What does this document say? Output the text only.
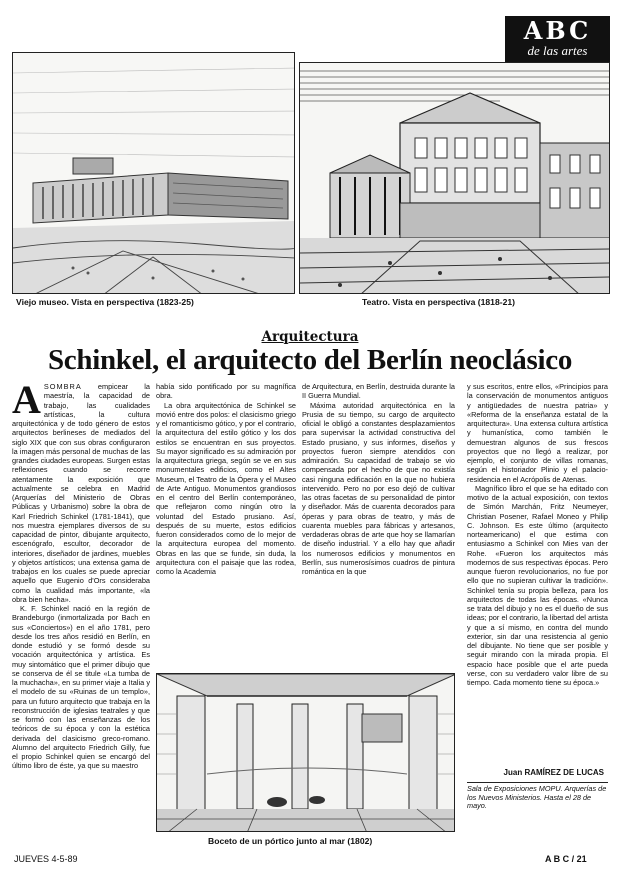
ABC
de las artes
Viejo museo. Vista en perspectiva (1823-25)	Teatro. Vista en perspectiva (1818-21)
Arquitectura
Schinkel, el arquitecto del Berlín neoclásico

ASOMBRA empicear la maestría, la capacidad de trabajo, las cualidades artísticas, la cultura arquitectónica y de todo género de estos arquitectos berlineses de mediados del siglo XIX que con sus obras configuraron la imagen más personal de muchas de las grandes ciudades europeas. Surgen estas reflexiones cuando se recorre atentamente la exposición que actualmente se celebra en Madrid (Arquerías del Ministerio de Obras Públicas y Urbanismo) sobre la obra de Karl Friedrich Schinkel (1781-1841), que nos muestra ejemplares diversos de su capacidad de pintor, dibujante arquitecto, escenógrafo, escultor, decorador de interiores, diseñador de jardines, muebles y objetos artísticos; una extensa gama de trabajos en los cuales se puede apreciar aquello que Eugenio d'Ors consideraba como la cualidad más importante, «la obra bien hecha».

K. F. Schinkel nació en la región de Brandeburgo (inmortalizada por Bach en sus «Conciertos») en el año 1781, pero desde los tres años residió en Berlín, en donde estudió y se formó desde su vocación arquitectónica y artística. Es muy sintomático que el primer dibujo que se conserva de él se titule «La tumba de la muchacha», en su primer viaje a Italia y el modelo de su «Ruinas de un templo», para un futuro arquitecto que trabaja en la reconstrucción de iglesias teatrales y que se formó con las enseñanzas de los teóricos de su época y con la estética derivada del clasicismo greco-romano. Alumno del arquitecto Friedrich Gilly, fue el propio Schinkel quien se encargó del último libro de éste, ya que su maestro

había sido pontificado por su magnífica obra.

La obra arquitectónica de Schinkel se movió entre dos polos: el clasicismo griego y el romanticismo gótico, y por el contrario, la arquitectura del estilo gótico y los dos estilos se encuentran en sus proyectos. Su mayor significado es su admiración por la arquitectura griega, según se ve en sus monumentales edificios, como el Altes Museum, el Teatro de la Ópera y el Museo de Arte Antiguo. Monumentos grandiosos en el centro del Berlín contemporáneo, que reflejaron como ningún otro la voluntad del Estado prusiano. Así, después de su muerte, estos edificios fueron considerados como de lo mejor de la arquitectura europea del momento. Obras en las que se funde, sin duda, la arquitectura con el paisaje que las rodea, como la Academia

de Arquitectura, en Berlín, destruida durante la II Guerra Mundial.

Máxima autoridad arquitectónica en la Prusia de su tiempo, su cargo de arquitecto oficial le obligó a constantes desplazamientos para supervisar la actividad constructiva del Estado prusiano, y sus informes, diseños y proyectos fueron siempre atendidos con admiración. Su capacidad de trabajo se vio compensada por el hecho de que no existía casi ninguna edificación en la que no hubiera intervenido. Pero no por eso dejó de cultivar las otras facetas de su personalidad de pintor y diseñador. Más de cuarenta decorados para óperas y para obras de teatro, y más de cuarenta muebles para fábricas y artesanos, verdaderas obras de arte que hoy se llamarían de diseño industrial. Y a ello hay que añadir los numerosos edificios y monumentos en Berlín, sus numerosísimos cuadros de pintura romántica en la que

y sus escritos, entre ellos, «Principios para la conservación de monumentos antiguos y antigüedades de nuestra patria» y «Reforma de la enseñanza estatal de la arquitectura». Una extensa cultura artística y humanística, como también le demuestran algunos de sus frescos proyectos que no llegó a realizar, por ejemplo, el conjunto de villas romanas, según el historiador Plinio y el palacio-residencia en el Acrópolis de Atenas.

Magnífico libro el que se ha editado con motivo de la actual exposición, con textos de Simón Marchán, Fritz Neumeyer, Christian Posener, Rafael Moneo y Philip C. Johnson. Es este último (arquitecto norteamericano) el que estima con entusiasmo a Schinkel con Mies van der Rohe. «Fueron los arquitectos más modernos de sus respectivas épocas. Pero aunque fueron revolucionarios, no fue por ello que no supieran cultivar la tradición». Schinkel tenía su propia belleza, para los arquitectos de todas las épocas. «Nunca se trata del dibujo y no es el dueño de sus ideas; por el contrario, la libertad del artista y que a sí mismo, en contra del mundo exterior, sin dar una resistencia al genio del dibujante. No tiene que ser posible y seguir mirando con la mirada propia. El espacio hace posible que el arte pueda verse, con su verdadero valor libre de su tiempo. Cada momento tiene su época.»

Juan RAMÍREZ DE LUCAS
Sala de Exposiciones MOPU. Arquerías de los Nuevos Ministerios. Hasta el 28 de mayo.
Boceto de un pórtico junto al mar (1802)
JUEVES 4-5-89	A B C / 21
